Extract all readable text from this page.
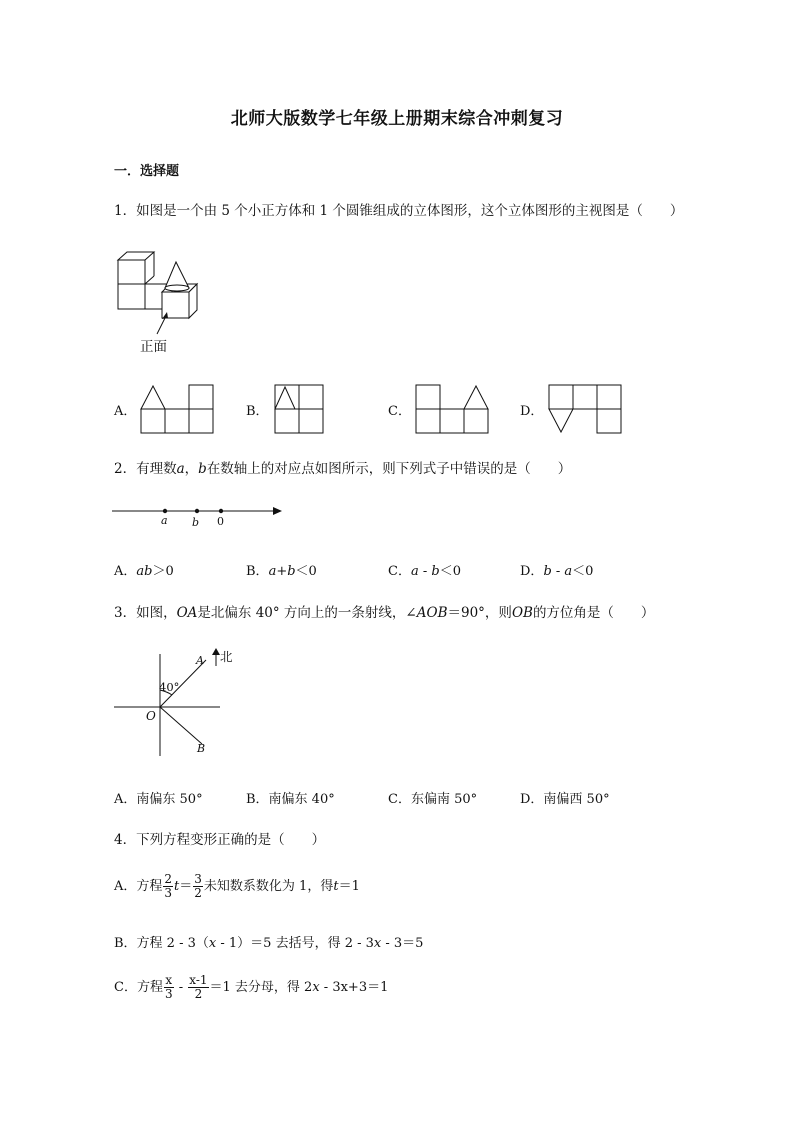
北师大版数学七年级上册期末综合冲刺复习
一．选择题
1．如图是一个由 5 个小正方体和 1 个圆锥组成的立体图形，这个立体图形的主视图是（　　）
正面
A．	B．	C．	D．
2．有理数a，b在数轴上的对应点如图所示，则下列式子中错误的是（　　）
a b 0
A．ab＞0	B．a+b＜0	C．a - b＜0	D．b - a＜0
3．如图，OA是北偏东 40° 方向上的一条射线，∠AOB＝90°，则OB的方位角是（　　）
北
40°
O
A
B
A．南偏东 50°	B．南偏东 40°	C．东偏南 50°	D．南偏西 50°
4．下列方程变形正确的是（　　）
A．方程 $\frac{2}{3} t= \frac{3}{2}$ 未知数系数化为 1，得t＝1
B．方程 2 - 3（x - 1）＝5 去括号，得 2 - 3x - 3＝5
C．方程 $\frac{x}{3} - \frac{x-1}{2} =1$ 去分母，得 2x - 3x+3＝1
